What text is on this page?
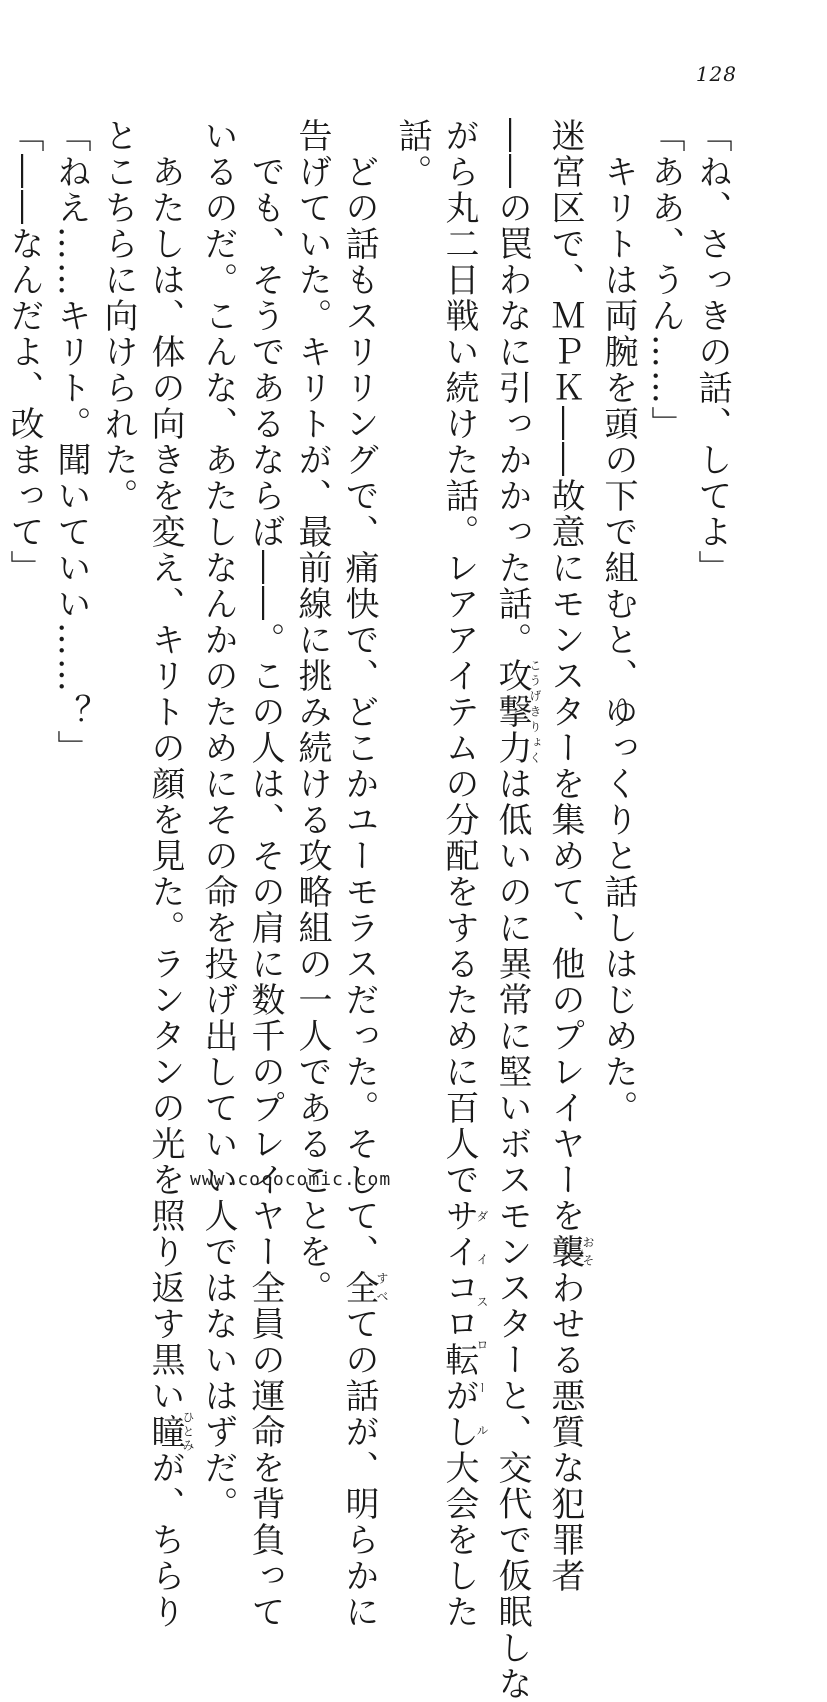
128
「ね、さっきの話、してよ」
「ああ、うん……」
　キリトは両腕を頭の下で組むと、ゆっくりと話しはじめた。
迷宮区で、ＭＰＫ――故意にモンスターを集めて、他のプレイヤーを襲おそわせる悪質な犯罪者
――の罠わなに引っかかった話。攻撃力こうげきりょくは低いのに異常に堅いボスモンスターと、交代で仮眠しな
がら丸二日戦い続けた話。レアアイテムの分配をするために百人でサイコロ転がしダイスロール大会をした
話。
　どの話もスリリングで、痛快で、どこかユーモラスだった。そして、全すべての話が、明らかに
告げていた。キリトが、最前線に挑み続ける攻略組の一人であることを。
　でも、そうであるならば――。この人は、その肩に数千のプレイヤー全員の運命を背負って
いるのだ。こんな、あたしなんかのためにその命を投げ出していい人ではないはずだ。
　あたしは、体の向きを変え、キリトの顔を見た。ランタンの光を照り返す黒い瞳ひとみが、ちらり
とこちらに向けられた。
「ねえ……キリト。聞いていい……？」
「――なんだよ、改まって」
www.cococomic.com
